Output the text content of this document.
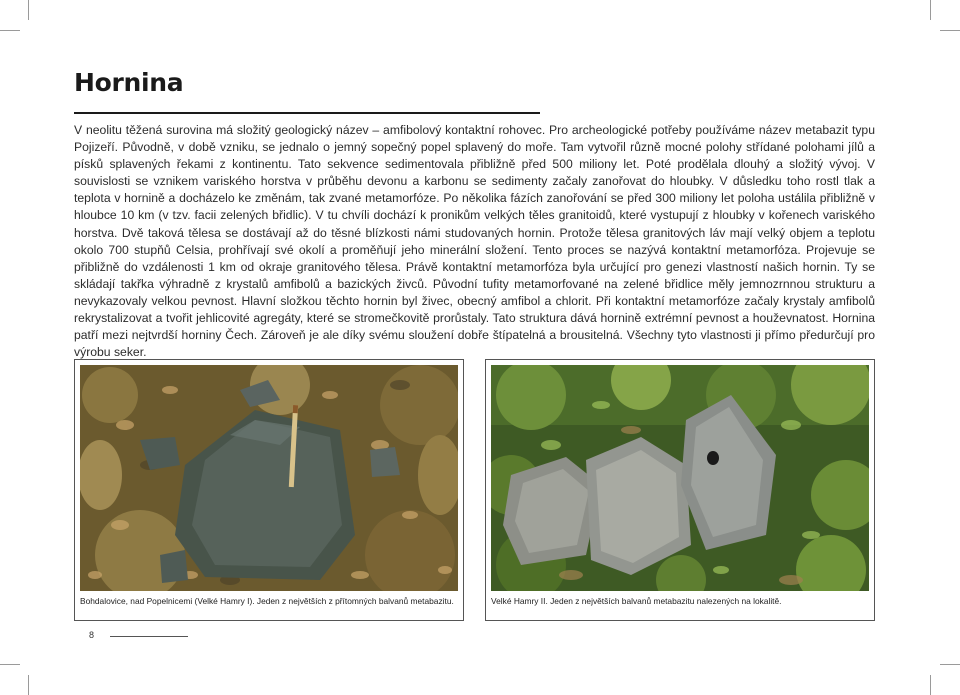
Hornina

V neolitu těžená surovina má složitý geologický název – amfibolový kontaktní rohovec. Pro archeologické potřeby používáme název metabazit typu Pojizeří. Původně, v době vzniku, se jednalo o jemný sopečný popel splavený do moře. Tam vytvořil různě mocné polohy střídané polohami jílů a písků splavených řekami z kontinentu. Tato sekvence sedimentovala přibližně před 500 miliony let. Poté prodělala dlouhý a složitý vývoj. V souvislosti se vznikem variského horstva v průběhu devonu a karbonu se sedimenty začaly zanořovat do hloubky. V důsledku toho rostl tlak a teplota v hornině a docházelo ke změnám, tak zvané metamorfóze. Po několika fázích zanořování se před 300 miliony let poloha ustálila přibližně v hloubce 10 km (v tzv. facii zelených břidlic). V tu chvíli dochází k pronikům velkých těles granitoidů, které vystupují z hloubky v kořenech variského horstva. Dvě taková tělesa se dostávají až do těsné blízkosti námi studovaných hornin. Protože tělesa granitových láv mají velký objem a teplotu okolo 700 stupňů Celsia, prohřívají své okolí a proměňují jeho minerální složení. Tento proces se nazývá kontaktní metamorfóza. Projevuje se přibližně do vzdálenosti 1 km od okraje granitového tělesa. Právě kontaktní metamorfóza byla určující pro genezi vlastností našich hornin. Ty se skládají takřka výhradně z krystalů amfibolů a bazických živců. Původní tufity metamorfované na zelené břidlice měly jemnozrnnou strukturu a nevykazovaly velkou pevnost. Hlavní složkou těchto hornin byl živec, obecný amfibol a chlorit. Při kontaktní metamorfóze začaly krystaly amfibolů rekrystalizovat a tvořit jehlicovité agregáty, které se stromečkovitě prorůstaly. Tato struktura dává hornině extrémní pevnost a houževnatost. Hornina patří mezi nejtvrdší horniny Čech. Zároveň je ale díky svému sloužení dobře štípatelná a brousitelná. Všechny tyto vlastnosti ji přímo předurčují pro výrobu seker.

Bohdalovice, nad Popelnicemi (Velké Hamry I). Jeden z největších z přítomných balvanů metabazitu.	Velké Hamry II. Jeden z největších balvanů metabazitu nalezených na lokalitě.
8
